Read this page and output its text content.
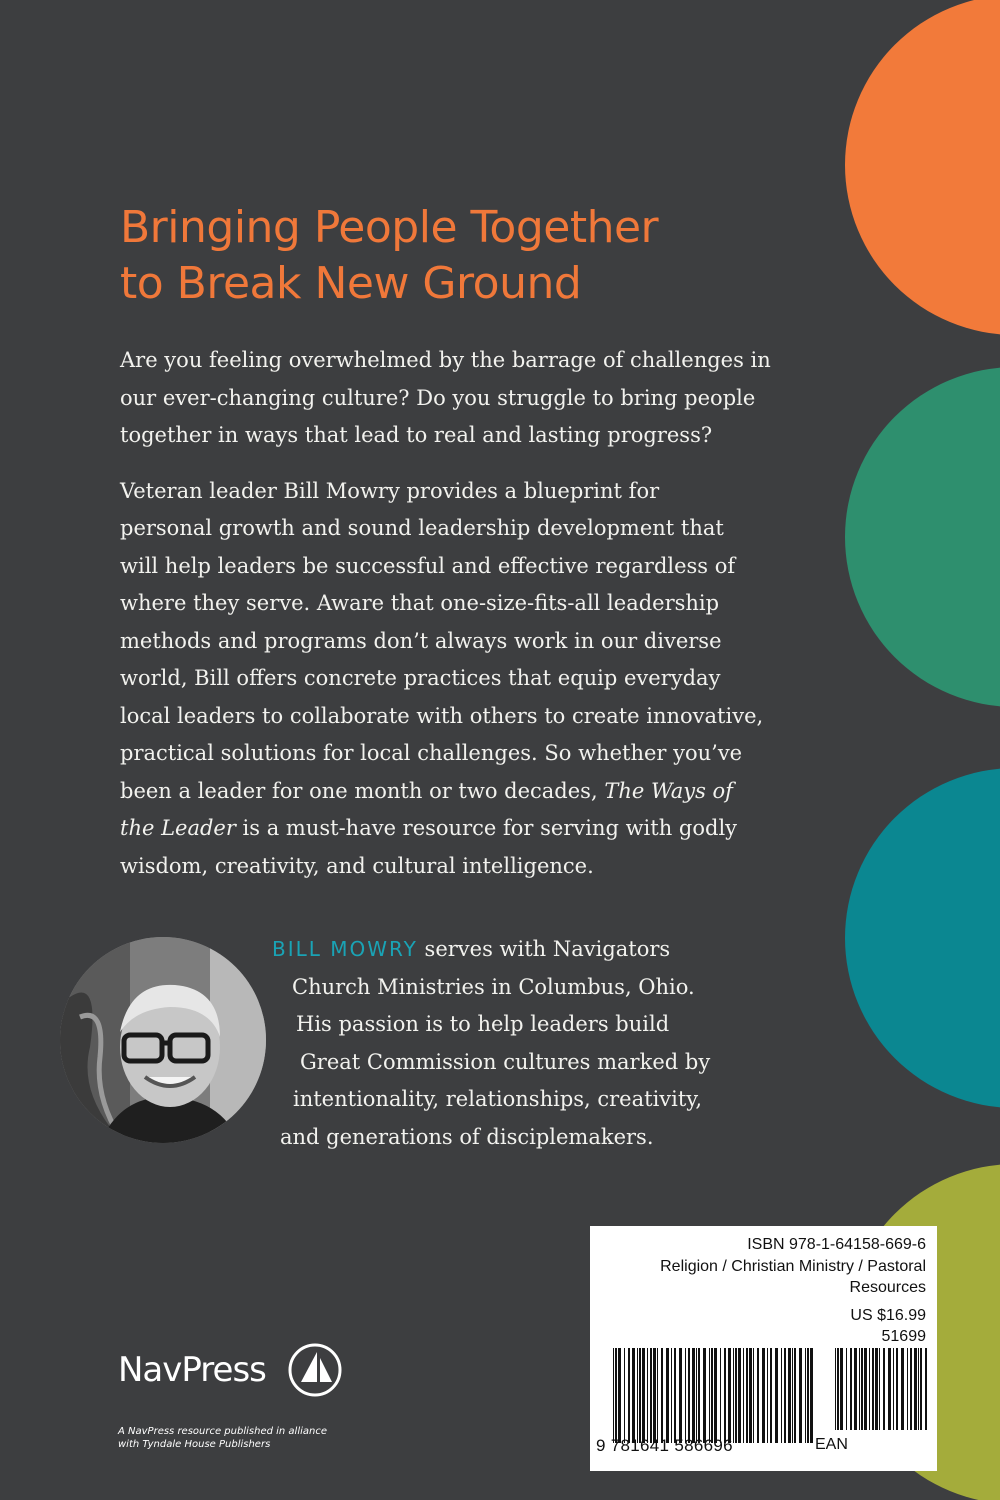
Bringing People Together
to Break New Ground

Are you feeling overwhelmed by the barrage of challenges in
our ever-changing culture? Do you struggle to bring people
together in ways that lead to real and lasting progress?

Veteran leader Bill Mowry provides a blueprint for
personal growth and sound leadership development that
will help leaders be successful and effective regardless of
where they serve. Aware that one-size-fits-all leadership
methods and programs don’t always work in our diverse
world, Bill offers concrete practices that equip everyday
local leaders to collaborate with others to create innovative,
practical solutions for local challenges. So whether you’ve
been a leader for one month or two decades, The Ways of
the Leader is a must-have resource for serving with godly
wisdom, creativity, and cultural intelligence.

BILL MOWRY serves with Navigators
Church Ministries in Columbus, Ohio.
His passion is to help leaders build
Great Commission cultures marked by
intentionality, relationships, creativity,
and generations of disciplemakers.
NavPress
A NavPress resource published in alliance
with Tyndale House Publishers
ISBN 978-1-64158-669-6
Religion / Christian Ministry / Pastoral
Resources
US $16.99
51699
9 781641 586696	EAN
